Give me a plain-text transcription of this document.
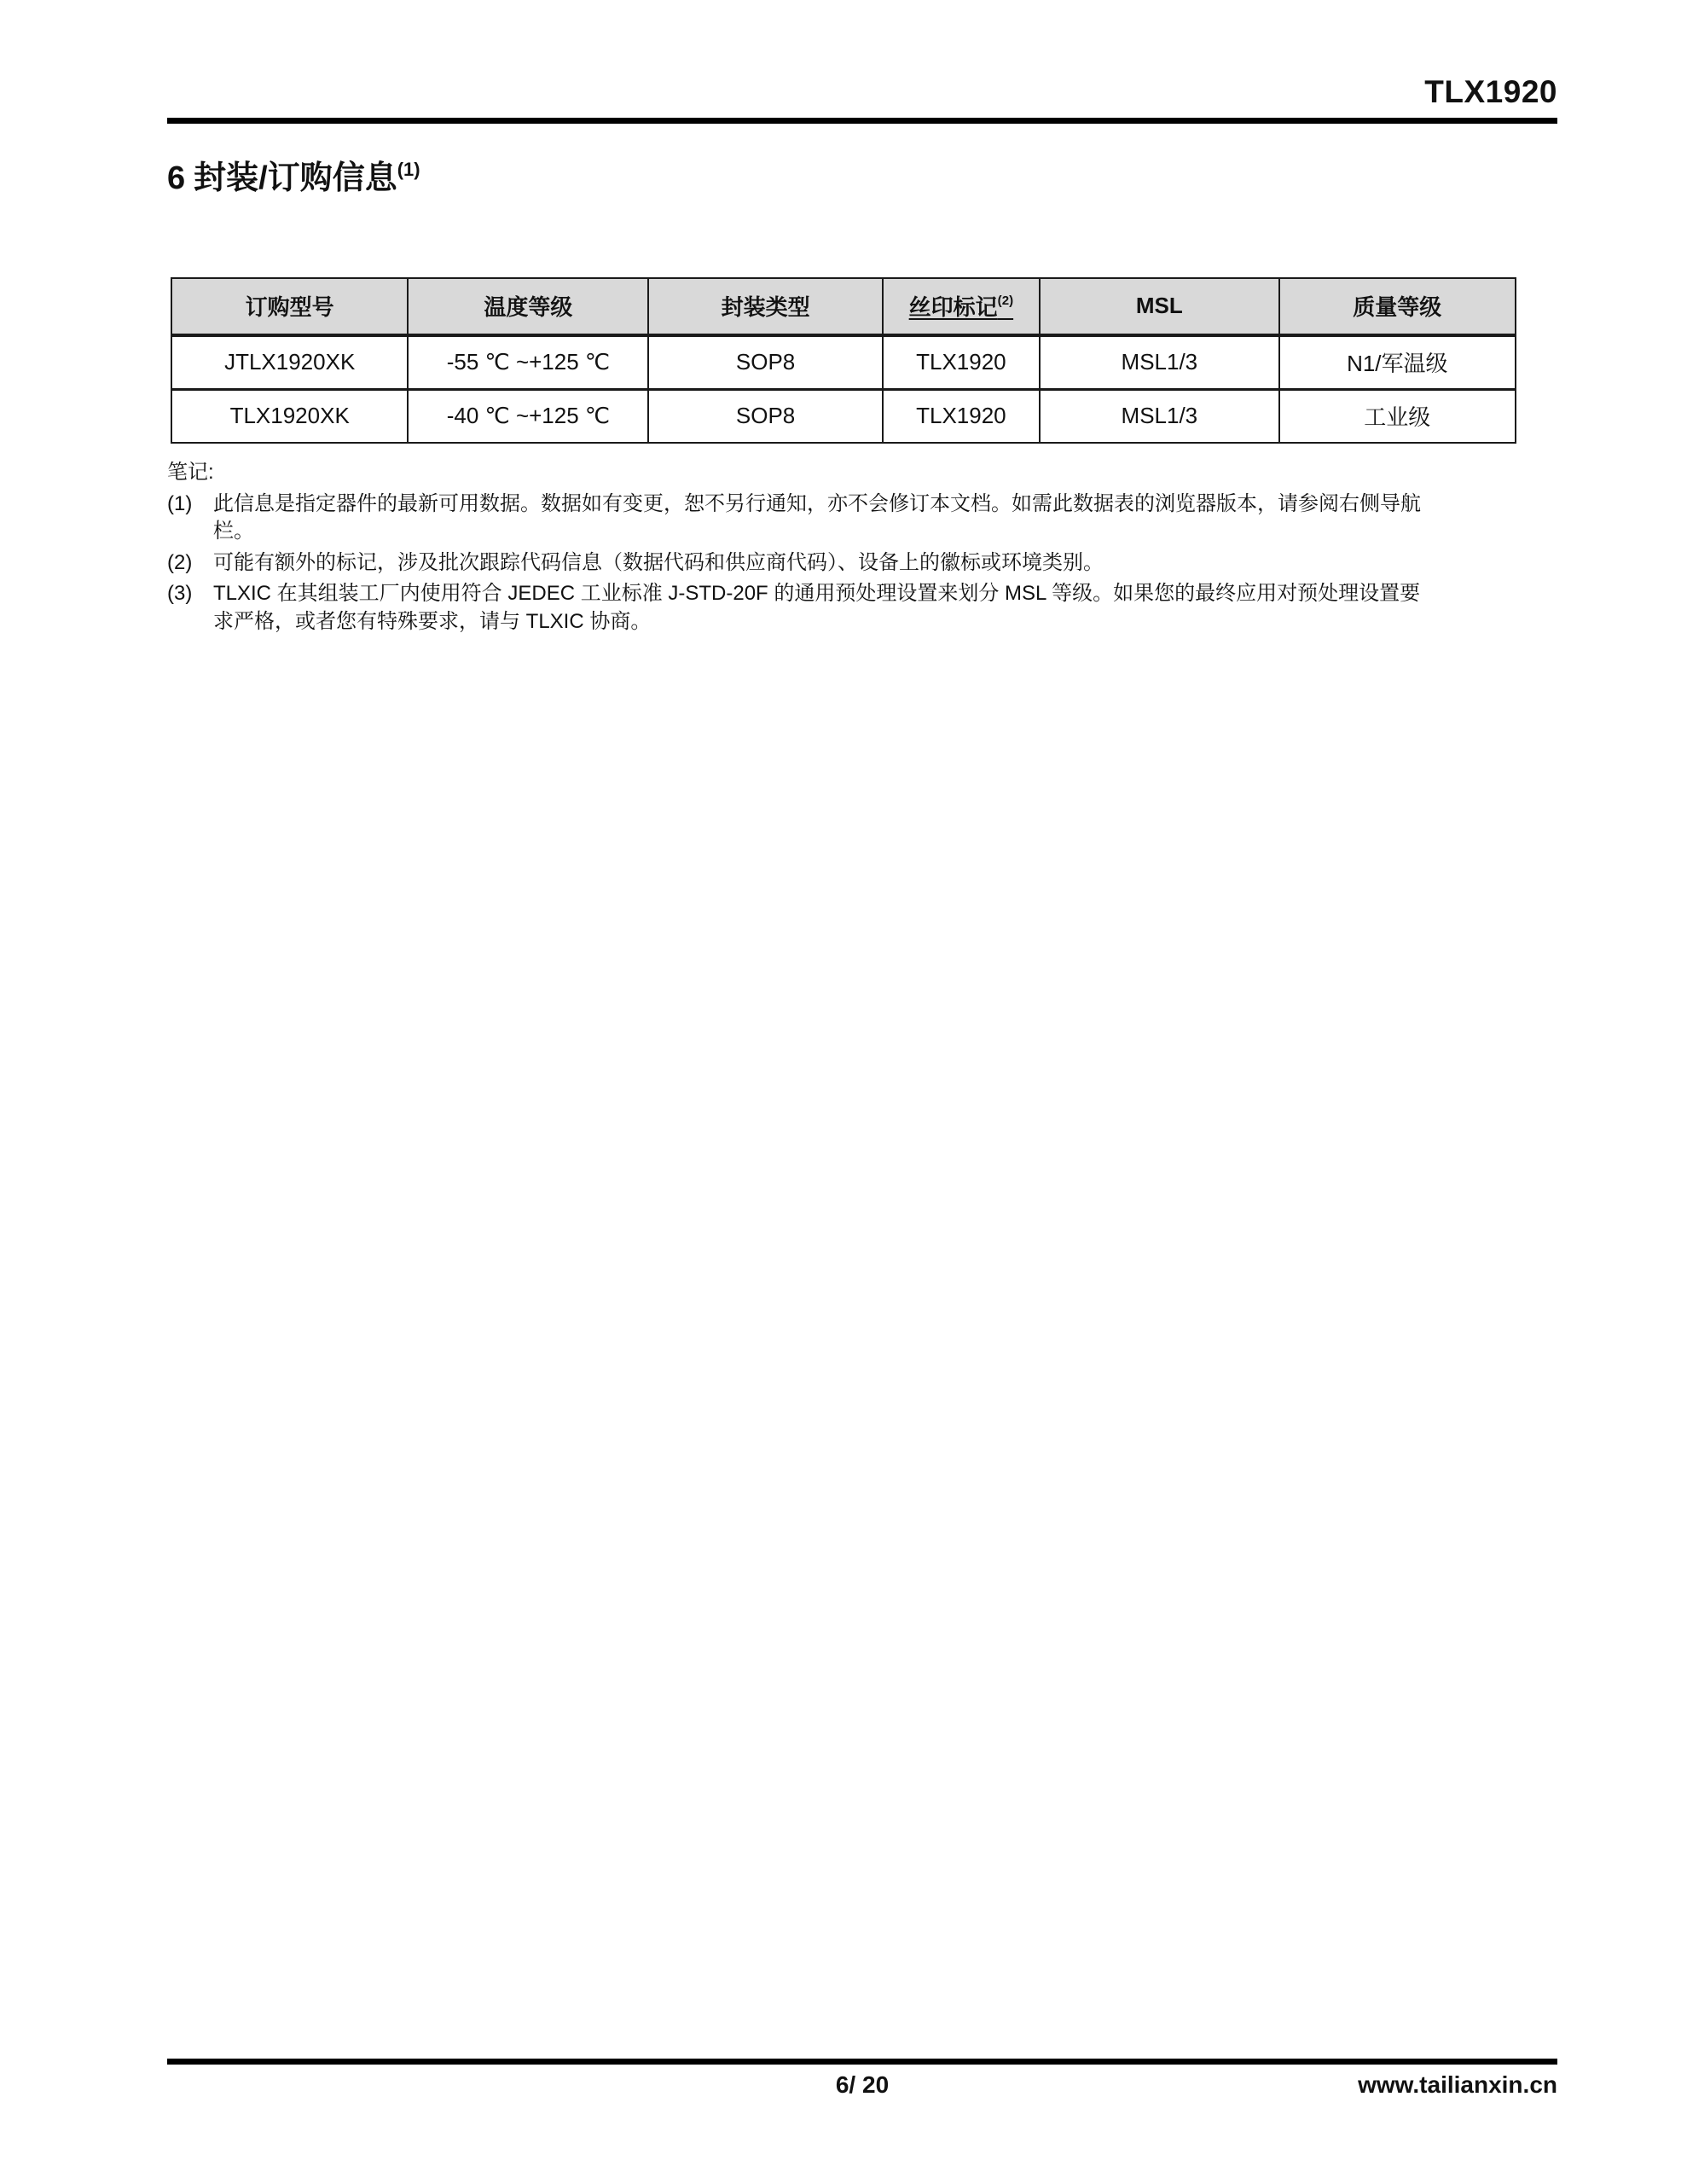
TLX1920
6 封装/订购信息$^{(1)}$
订购型号	温度等级	封装类型	丝印标记$^{(2)}$	MSL	质量等级
JTLX1920XK	-55 ℃ ~+125 ℃	SOP8	TLX1920	MSL1/3	N1/军温级
TLX1920XK	-40 ℃ ~+125 ℃	SOP8	TLX1920	MSL1/3	工业级
笔记:
(1)	此信息是指定器件的最新可用数据。数据如有变更，恕不另行通知，亦不会修订本文档。如需此数据表的浏览器版本，请参阅右侧导航栏。
(2)	可能有额外的标记，涉及批次跟踪代码信息（数据代码和供应商代码）、设备上的徽标或环境类别。
(3)	TLXIC 在其组装工厂内使用符合 JEDEC 工业标准 J-STD-20F 的通用预处理设置来划分 MSL 等级。如果您的最终应用对预处理设置要求严格，或者您有特殊要求，请与 TLXIC 协商。
6/ 20	www.tailianxin.cn
